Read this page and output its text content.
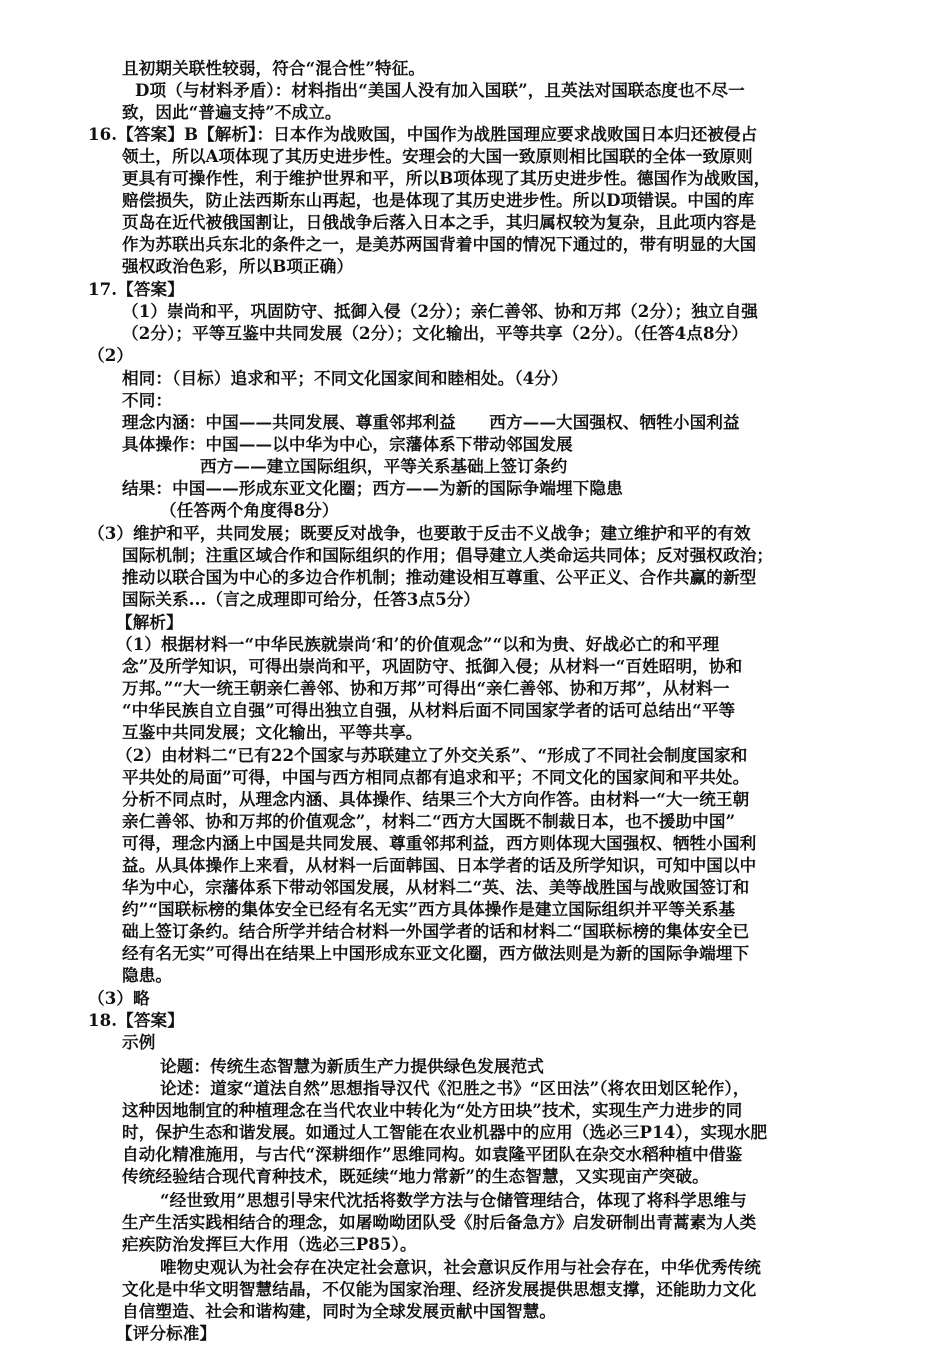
且初期关联性较弱，符合“混合性”特征。
D项（与材料矛盾）：材料指出“美国人没有加入国联”，且英法对国联态度也不尽一
致，因此“普遍支持”不成立。
16.【答案】B【解析】：日本作为战败国，中国作为战胜国理应要求战败国日本归还被侵占
领土，所以A项体现了其历史进步性。安理会的大国一致原则相比国联的全体一致原则
更具有可操作性，利于维护世界和平，所以B项体现了其历史进步性。德国作为战败国，
赔偿损失，防止法西斯东山再起，也是体现了其历史进步性。所以D项错误。中国的库
页岛在近代被俄国割让，日俄战争后落入日本之手，其归属权较为复杂，且此项内容是
作为苏联出兵东北的条件之一，是美苏两国背着中国的情况下通过的，带有明显的大国
强权政治色彩，所以B项正确）
17.【答案】
（1）崇尚和平，巩固防守、抵御入侵（2分）；亲仁善邻、协和万邦（2分）；独立自强
（2分）；平等互鉴中共同发展（2分）；文化输出，平等共享（2分）。（任答4点8分）
（2）
相同：（目标）追求和平；不同文化国家间和睦相处。（4分）
不同：
理念内涵：中国——共同发展、尊重邻邦利益　　西方——大国强权、牺牲小国利益
具体操作：中国——以中华为中心，宗藩体系下带动邻国发展
西方——建立国际组织，平等关系基础上签订条约
结果：中国——形成东亚文化圈；西方——为新的国际争端埋下隐患
（任答两个角度得8分）
（3）维护和平，共同发展；既要反对战争，也要敢于反击不义战争；建立维护和平的有效
国际机制；注重区域合作和国际组织的作用；倡导建立人类命运共同体；反对强权政治；
推动以联合国为中心的多边合作机制；推动建设相互尊重、公平正义、合作共赢的新型
国际关系...（言之成理即可给分，任答3点5分）
【解析】
（1）根据材料一“中华民族就崇尚‘和’的价值观念”“以和为贵、好战必亡的和平理
念”及所学知识，可得出崇尚和平，巩固防守、抵御入侵；从材料一“百姓昭明，协和
万邦。”“大一统王朝亲仁善邻、协和万邦”可得出“亲仁善邻、协和万邦”，从材料一
“中华民族自立自强”可得出独立自强，从材料后面不同国家学者的话可总结出“平等
互鉴中共同发展；文化输出，平等共享。
（2）由材料二“已有22个国家与苏联建立了外交关系”、“形成了不同社会制度国家和
平共处的局面”可得，中国与西方相同点都有追求和平；不同文化的国家间和平共处。
分析不同点时，从理念内涵、具体操作、结果三个大方向作答。由材料一“大一统王朝
亲仁善邻、协和万邦的价值观念”，材料二“西方大国既不制裁日本，也不援助中国”
可得，理念内涵上中国是共同发展、尊重邻邦利益，西方则体现大国强权、牺牲小国利
益。从具体操作上来看，从材料一后面韩国、日本学者的话及所学知识，可知中国以中
华为中心，宗藩体系下带动邻国发展，从材料二“英、法、美等战胜国与战败国签订和
约”“国联标榜的集体安全已经有名无实”西方具体操作是建立国际组织并平等关系基
础上签订条约。结合所学并结合材料一外国学者的话和材料二“国联标榜的集体安全已
经有名无实”可得出在结果上中国形成东亚文化圈，西方做法则是为新的国际争端埋下
隐患。
（3）略
18.【答案】
示例
论题：传统生态智慧为新质生产力提供绿色发展范式
论述：道家“道法自然”思想指导汉代《氾胜之书》“区田法”（将农田划区轮作），
这种因地制宜的种植理念在当代农业中转化为“处方田块”技术，实现生产力进步的同
时，保护生态和谐发展。如通过人工智能在农业机器中的应用（选必三P14），实现水肥
自动化精准施用，与古代“深耕细作”思维同构。如袁隆平团队在杂交水稻种植中借鉴
传统经验结合现代育种技术，既延续“地力常新”的生态智慧，又实现亩产突破。
“经世致用”思想引导宋代沈括将数学方法与仓储管理结合，体现了将科学思维与
生产生活实践相结合的理念，如屠呦呦团队受《肘后备急方》启发研制出青蒿素为人类
疟疾防治发挥巨大作用（选必三P85）。
唯物史观认为社会存在决定社会意识，社会意识反作用与社会存在，中华优秀传统
文化是中华文明智慧结晶，不仅能为国家治理、经济发展提供思想支撑，还能助力文化
自信塑造、社会和谐构建，同时为全球发展贡献中国智慧。
【评分标准】
